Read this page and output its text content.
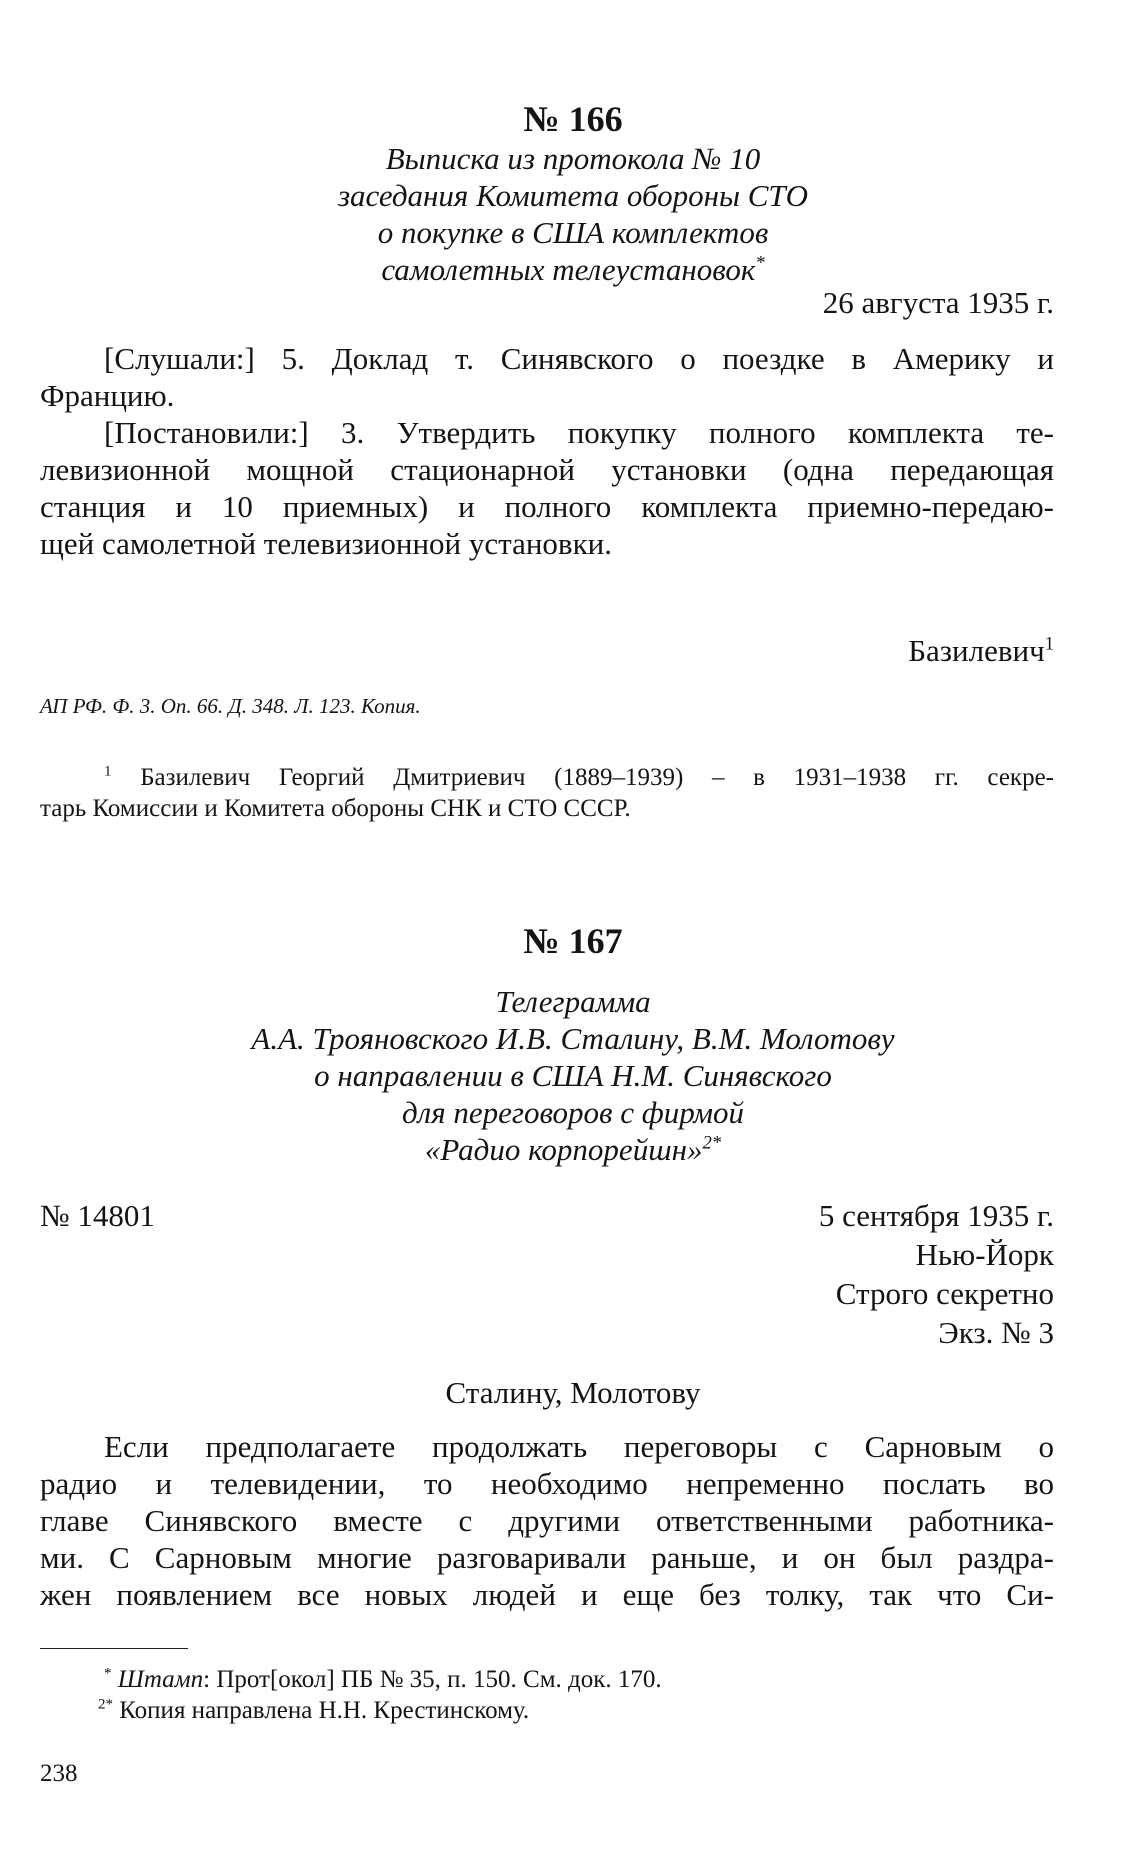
№ 166
Выписка из протокола № 10
заседания Комитета обороны СТО
о покупке в США комплектов
самолетных телеустановок*
26 августа 1935 г.
[Слушали:] 5. Доклад т. Синявского о поездке в Америку и
Францию.
[Постановили:] 3. Утвердить покупку полного комплекта те-
левизионной мощной стационарной установки (одна передающая
станция и 10 приемных) и полного комплекта приемно-передаю-
щей самолетной телевизионной установки.
Базилевич$^1$
АП РФ. Ф. 3. Оп. 66. Д. 348. Л. 123. Копия.
$^1$ Базилевич Георгий Дмитриевич (1889–1939) – в 1931–1938 гг. секре-
тарь Комиссии и Комитета обороны СНК и СТО СССР.
№ 167
Телеграмма
А.А. Трояновского И.В. Сталину, В.М. Молотову
о направлении в США Н.М. Синявского
для переговоров с фирмой
«Радио корпорейшн»$^{2*}$
№ 14801	5 сентября 1935 г.
Нью-Йорк
Строго секретно
Экз. № 3
Сталину, Молотову
Если предполагаете продолжать переговоры с Сарновым о
радио и телевидении, то необходимо непременно послать во
главе Синявского вместе с другими ответственными работника-
ми. С Сарновым многие разговаривали раньше, и он был раздра-
жен появлением все новых людей и еще без толку, так что Си-
* Штамп: Прот[окол] ПБ № 35, п. 150. См. док. 170.
$^{2*}$ Копия направлена Н.Н. Крестинскому.
238
